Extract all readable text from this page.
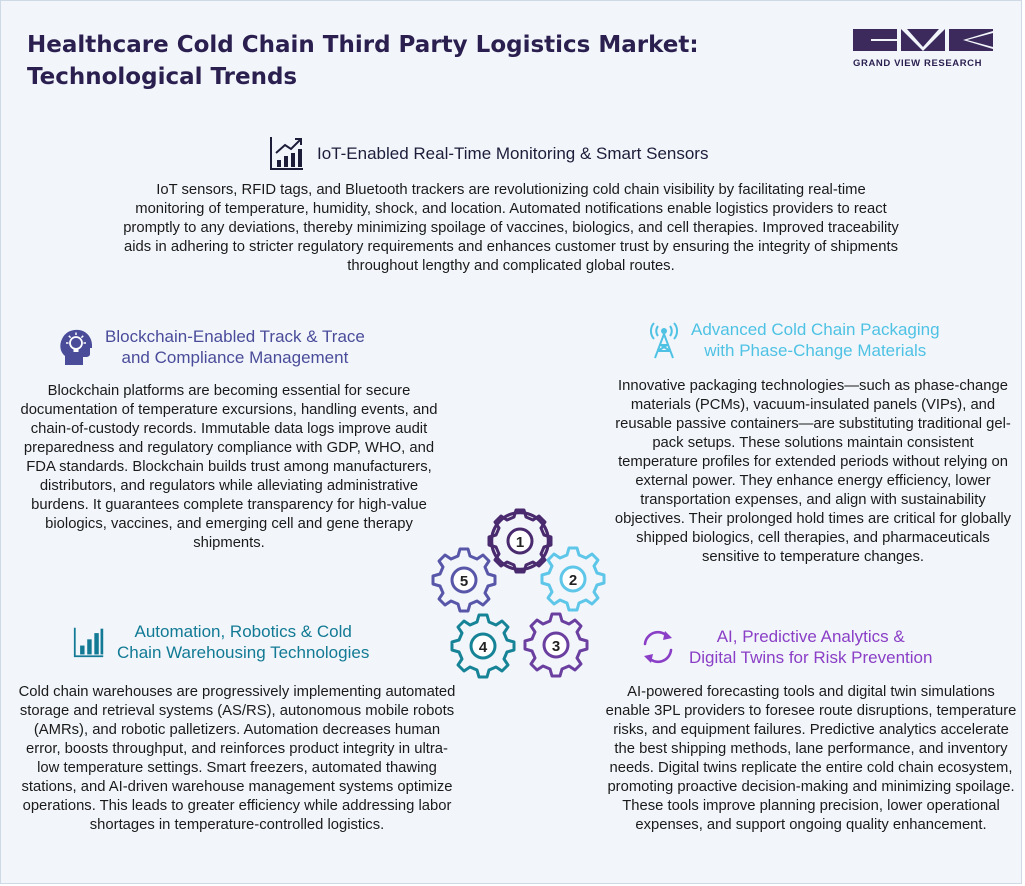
Healthcare Cold Chain Third Party Logistics Market:
Technological Trends
GRAND VIEW RESEARCH
IoT-Enabled Real-Time Monitoring & Smart Sensors
IoT sensors, RFID tags, and Bluetooth trackers are revolutionizing cold chain visibility by facilitating real-time monitoring of temperature, humidity, shock, and location. Automated notifications enable logistics providers to react promptly to any deviations, thereby minimizing spoilage of vaccines, biologics, and cell therapies. Improved traceability aids in adhering to stricter regulatory requirements and enhances customer trust by ensuring the integrity of shipments throughout lengthy and complicated global routes.
Blockchain-Enabled Track & Trace
and Compliance Management
Blockchain platforms are becoming essential for secure documentation of temperature excursions, handling events, and chain-of-custody records. Immutable data logs improve audit preparedness and regulatory compliance with GDP, WHO, and FDA standards. Blockchain builds trust among manufacturers, distributors, and regulators while alleviating administrative burdens. It guarantees complete transparency for high-value biologics, vaccines, and emerging cell and gene therapy shipments.
Advanced Cold Chain Packaging
with Phase-Change Materials
Innovative packaging technologies—such as phase-change materials (PCMs), vacuum-insulated panels (VIPs), and reusable passive containers—are substituting traditional gel-pack setups. These solutions maintain consistent temperature profiles for extended periods without relying on external power. They enhance energy efficiency, lower transportation expenses, and align with sustainability objectives. Their prolonged hold times are critical for globally shipped biologics, cell therapies, and pharmaceuticals sensitive to temperature changes.
Automation, Robotics & Cold
Chain Warehousing Technologies
Cold chain warehouses are progressively implementing automated storage and retrieval systems (AS/RS), autonomous mobile robots (AMRs), and robotic palletizers. Automation decreases human error, boosts throughput, and reinforces product integrity in ultra-low temperature settings. Smart freezers, automated thawing stations, and AI-driven warehouse management systems optimize operations. This leads to greater efficiency while addressing labor shortages in temperature-controlled logistics.
AI, Predictive Analytics &
Digital Twins for Risk Prevention
AI-powered forecasting tools and digital twin simulations enable 3PL providers to foresee route disruptions, temperature risks, and equipment failures. Predictive analytics accelerate the best shipping methods, lane performance, and inventory needs. Digital twins replicate the entire cold chain ecosystem, promoting proactive decision-making and minimizing spoilage. These tools improve planning precision, lower operational expenses, and support ongoing quality enhancement.
1
2
3
4
5
